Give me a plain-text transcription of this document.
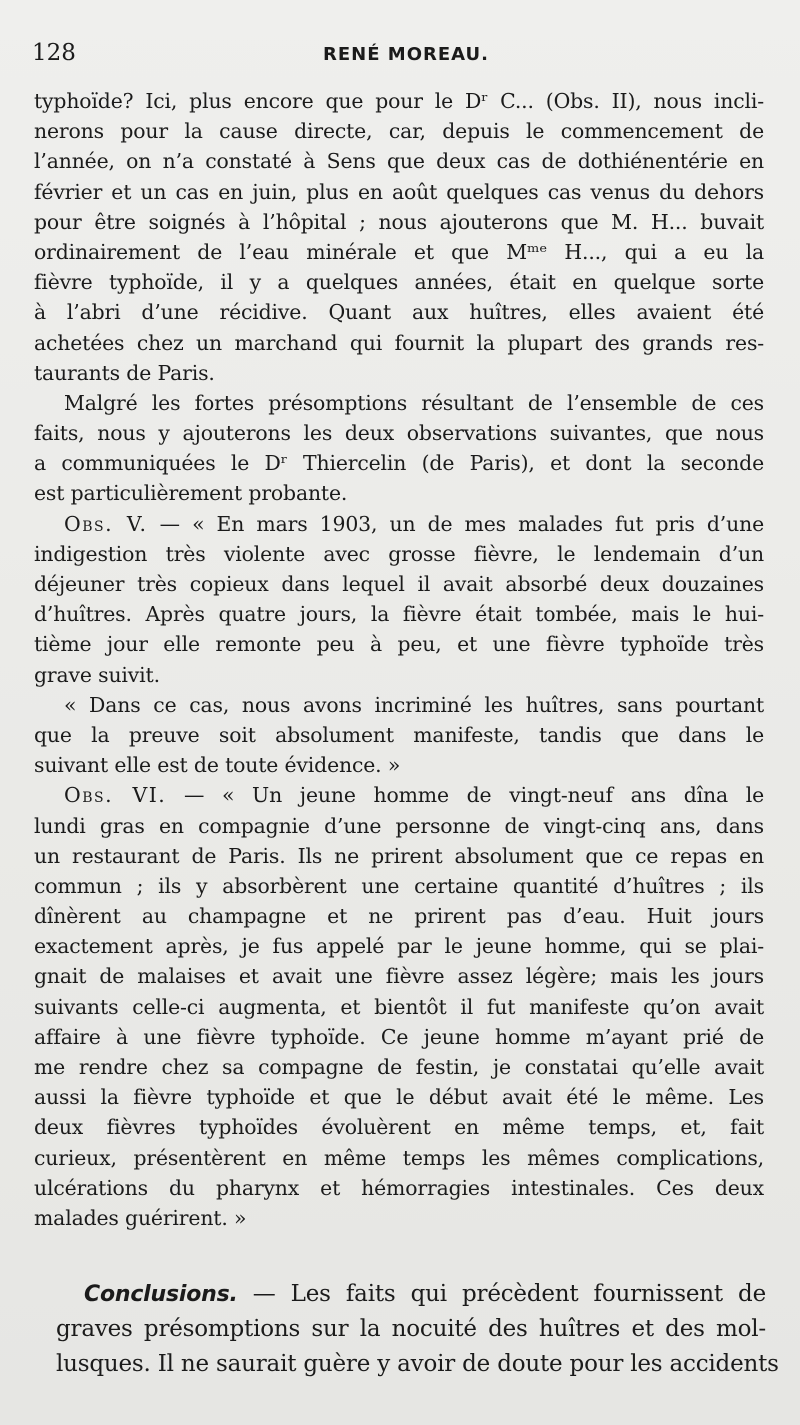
128	RENÉ MOREAU.
typhoïde? Ici, plus encore que pour le Dʳ C... (Obs. II), nous incli-
nerons pour la cause directe, car, depuis le commencement de
l’année, on n’a constaté à Sens que deux cas de dothiénentérie en
février et un cas en juin, plus en août quelques cas venus du dehors
pour être soignés à l’hôpital ; nous ajouterons que M. H... buvait
ordinairement de l’eau minérale et que Mᵐᵉ H..., qui a eu la
fièvre typhoïde, il y a quelques années, était en quelque sorte
à l’abri d’une récidive. Quant aux huîtres, elles avaient été
achetées chez un marchand qui fournit la plupart des grands res-
taurants de Paris.
Malgré les fortes présomptions résultant de l’ensemble de ces
faits, nous y ajouterons les deux observations suivantes, que nous
a communiquées le Dʳ Thiercelin (de Paris), et dont la seconde
est particulièrement probante.
Obs. V. — « En mars 1903, un de mes malades fut pris d’une
indigestion très violente avec grosse fièvre, le lendemain d’un
déjeuner très copieux dans lequel il avait absorbé deux douzaines
d’huîtres. Après quatre jours, la fièvre était tombée, mais le hui-
tième jour elle remonte peu à peu, et une fièvre typhoïde très
grave suivit.
« Dans ce cas, nous avons incriminé les huîtres, sans pourtant
que la preuve soit absolument manifeste, tandis que dans le
suivant elle est de toute évidence. »
Obs. VI. — « Un jeune homme de vingt-neuf ans dîna le
lundi gras en compagnie d’une personne de vingt-cinq ans, dans
un restaurant de Paris. Ils ne prirent absolument que ce repas en
commun ; ils y absorbèrent une certaine quantité d’huîtres ; ils
dînèrent au champagne et ne prirent pas d’eau. Huit jours
exactement après, je fus appelé par le jeune homme, qui se plai-
gnait de malaises et avait une fièvre assez légère; mais les jours
suivants celle-ci augmenta, et bientôt il fut manifeste qu’on avait
affaire à une fièvre typhoïde. Ce jeune homme m’ayant prié de
me rendre chez sa compagne de festin, je constatai qu’elle avait
aussi la fièvre typhoïde et que le début avait été le même. Les
deux fièvres typhoïdes évoluèrent en même temps, et, fait
curieux, présentèrent en même temps les mêmes complications,
ulcérations du pharynx et hémorragies intestinales. Ces deux
malades guérirent. »
Conclusions. — Les faits qui précèdent fournissent de
graves présomptions sur la nocuité des huîtres et des mol-
lusques. Il ne saurait guère y avoir de doute pour les accidents
